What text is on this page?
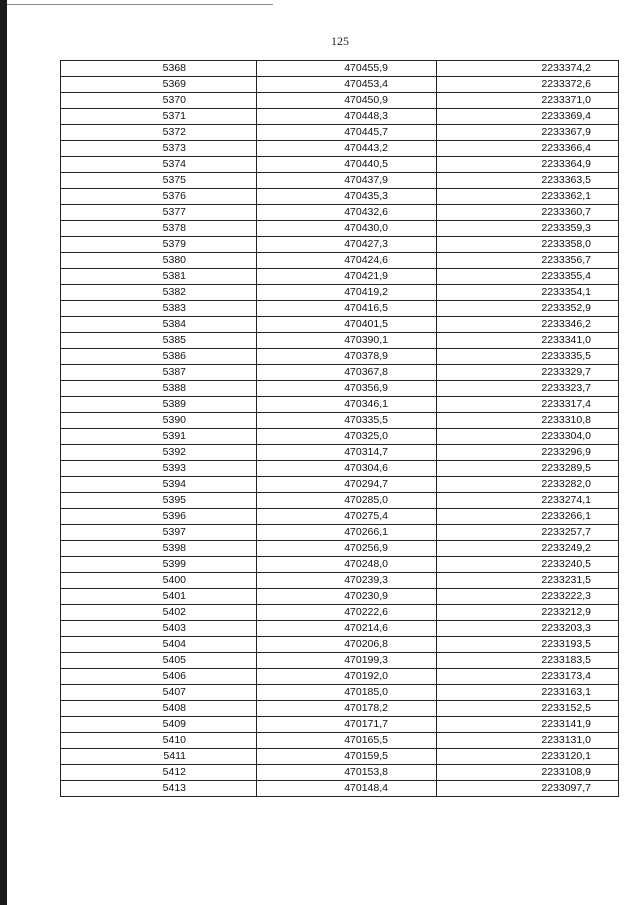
125
5368	470455,9	2233374,2
5369	470453,4	2233372,6
5370	470450,9	2233371,0
5371	470448,3	2233369,4
5372	470445,7	2233367,9
5373	470443,2	2233366,4
5374	470440,5	2233364,9
5375	470437,9	2233363,5
5376	470435,3	2233362,1
5377	470432,6	2233360,7
5378	470430,0	2233359,3
5379	470427,3	2233358,0
5380	470424,6	2233356,7
5381	470421,9	2233355,4
5382	470419,2	2233354,1
5383	470416,5	2233352,9
5384	470401,5	2233346,2
5385	470390,1	2233341,0
5386	470378,9	2233335,5
5387	470367,8	2233329,7
5388	470356,9	2233323,7
5389	470346,1	2233317,4
5390	470335,5	2233310,8
5391	470325,0	2233304,0
5392	470314,7	2233296,9
5393	470304,6	2233289,5
5394	470294,7	2233282,0
5395	470285,0	2233274,1
5396	470275,4	2233266,1
5397	470266,1	2233257,7
5398	470256,9	2233249,2
5399	470248,0	2233240,5
5400	470239,3	2233231,5
5401	470230,9	2233222,3
5402	470222,6	2233212,9
5403	470214,6	2233203,3
5404	470206,8	2233193,5
5405	470199,3	2233183,5
5406	470192,0	2233173,4
5407	470185,0	2233163,1
5408	470178,2	2233152,5
5409	470171,7	2233141,9
5410	470165,5	2233131,0
5411	470159,5	2233120,1
5412	470153,8	2233108,9
5413	470148,4	2233097,7
